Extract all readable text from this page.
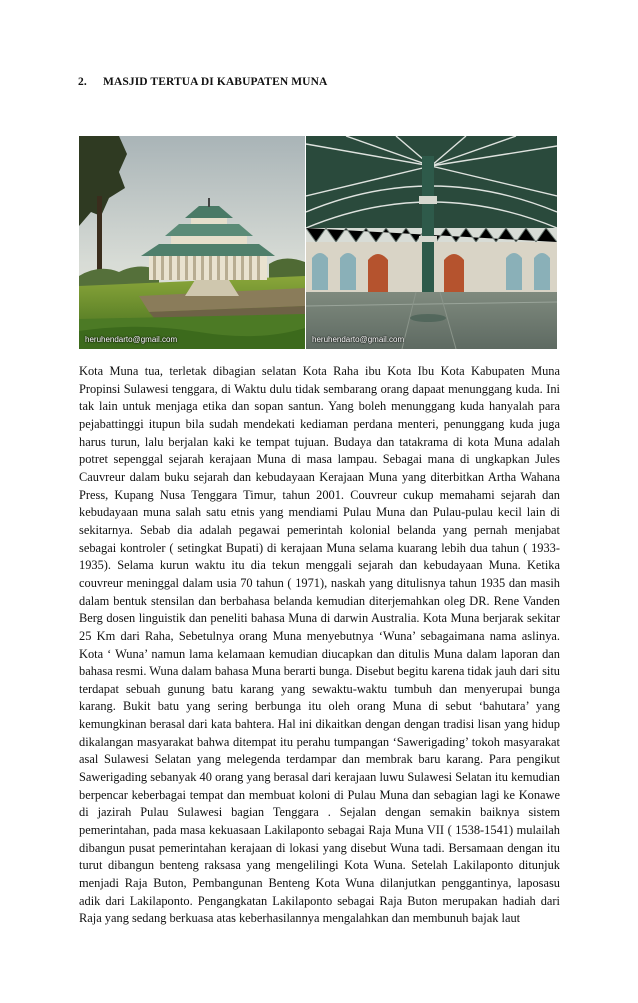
2. MASJID TERTUA DI KABUPATEN MUNA
heruhendarto@gmail.com	heruhendarto@gmail.com

Kota Muna tua, terletak dibagian selatan Kota Raha ibu Kota Ibu Kota Kabupaten Muna Propinsi Sulawesi tenggara, di Waktu dulu tidak sembarang orang dapaat menunggang kuda. Ini tak lain untuk menjaga etika dan sopan santun. Yang boleh menunggang kuda hanyalah para pejabattinggi itupun bila sudah mendekati kediaman perdana menteri, penunggang kuda juga harus turun, lalu berjalan kaki ke tempat tujuan. Budaya dan tatakrama di kota Muna adalah potret sepenggal sejarah kerajaan Muna di masa lampau. Sebagai mana di ungkapkan Jules Cauvreur dalam buku sejarah dan kebudayaan Kerajaan Muna yang diterbitkan Artha Wahana Press, Kupang Nusa Tenggara Timur, tahun 2001. Couvreur cukup memahami sejarah dan kebudayaan muna salah satu etnis yang mendiami Pulau Muna dan Pulau-pulau kecil lain di sekitarnya. Sebab dia adalah pegawai pemerintah kolonial belanda yang pernah menjabat sebagai kontroler ( setingkat Bupati) di kerajaan Muna selama kuarang lebih dua tahun ( 1933-1935). Selama kurun waktu itu dia tekun menggali sejarah dan kebudayaan Muna. Ketika couvreur meninggal dalam usia 70 tahun ( 1971), naskah yang ditulisnya tahun 1935 dan masih dalam bentuk stensilan dan berbahasa belanda kemudian diterjemahkan oleg DR. Rene Vanden Berg dosen linguistik dan peneliti bahasa Muna di darwin Australia. Kota Muna berjarak sekitar 25 Km dari Raha, Sebetulnya orang Muna menyebutnya ‘Wuna’ sebagaimana nama aslinya. Kota ‘ Wuna’ namun lama kelamaan kemudian diucapkan dan ditulis Muna dalam laporan dan bahasa resmi. Wuna dalam bahasa Muna berarti bunga. Disebut begitu karena tidak jauh dari situ terdapat sebuah gunung batu karang yang sewaktu-waktu tumbuh dan menyerupai bunga karang. Bukit batu yang sering berbunga itu oleh orang Muna di sebut ‘bahutara’ yang kemungkinan berasal dari kata bahtera. Hal ini dikaitkan dengan dengan tradisi lisan yang hidup dikalangan masyarakat bahwa ditempat itu perahu tumpangan ‘Sawerigading’ tokoh masyarakat asal Sulawesi Selatan yang melegenda terdampar dan membrak baru karang. Para pengikut Sawerigading sebanyak 40 orang yang berasal dari kerajaan luwu Sulawesi Selatan itu kemudian berpencar keberbagai tempat dan membuat koloni di Pulau Muna dan sebagian lagi ke Konawe di jazirah Pulau Sulawesi bagian Tenggara . Sejalan dengan semakin baiknya sistem pemerintahan, pada masa kekuasaan Lakilaponto sebagai Raja Muna VII ( 1538-1541) mulailah dibangun pusat pemerintahan kerajaan di lokasi yang disebut Wuna tadi. Bersamaan dengan itu turut dibangun benteng raksasa yang mengelilingi Kota Wuna. Setelah Lakilaponto ditunjuk menjadi Raja Buton, Pembangunan Benteng Kota Wuna dilanjutkan penggantinya, laposasu adik dari Lakilaponto. Pengangkatan Lakilaponto sebagai Raja Buton merupakan hadiah dari Raja yang sedang berkuasa atas keberhasilannya mengalahkan dan membunuh bajak laut
